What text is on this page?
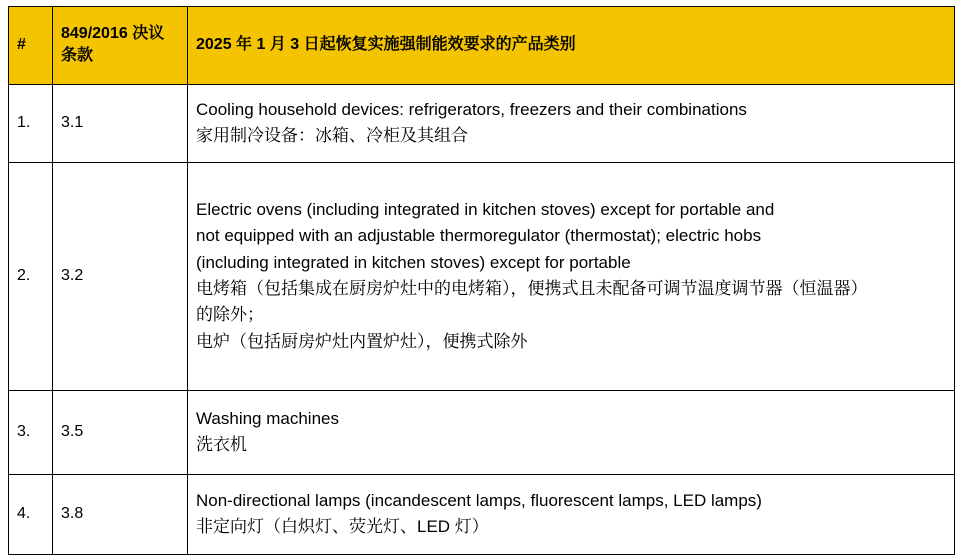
#	849/2016 决议条款	2025 年 1 月 3 日起恢复实施强制能效要求的产品类别
1.	3.1	Cooling household devices: refrigerators, freezers and their combinations
家用制冷设备：冰箱、冷柜及其组合

2.	3.2	
Electric ovens (including integrated in kitchen stoves) except for portable and
not equipped with an adjustable thermoregulator (thermostat); electric hobs
(including integrated in kitchen stoves) except for portable
电烤箱（包括集成在厨房炉灶中的电烤箱），便携式且未配备可调节温度调节器（恒温器）
的除外；
电炉（包括厨房炉灶内置炉灶），便携式除外

3.	3.5	Washing machines
洗衣机

4.	3.8	Non-directional lamps (incandescent lamps, fluorescent lamps, LED lamps)
非定向灯（白炽灯、荧光灯、LED 灯）
